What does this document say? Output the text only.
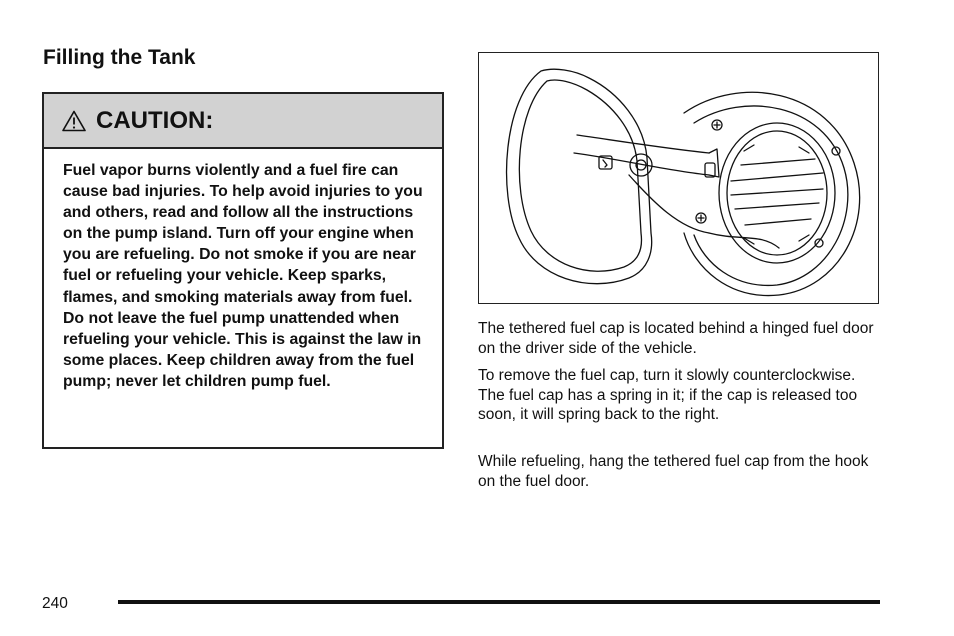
Filling the Tank
CAUTION:

Fuel vapor burns violently and a fuel fire can cause bad injuries. To help avoid injuries to you and others, read and follow all the instructions on the pump island. Turn off your engine when you are refueling. Do not smoke if you are near fuel or refueling your vehicle. Keep sparks, flames, and smoking materials away from fuel. Do not leave the fuel pump unattended when refueling your vehicle. This is against the law in some places. Keep children away from the fuel pump; never let children pump fuel.

The tethered fuel cap is located behind a hinged fuel door on the driver side of the vehicle.

To remove the fuel cap, turn it slowly counterclockwise. The fuel cap has a spring in it; if the cap is released too soon, it will spring back to the right.

While refueling, hang the tethered fuel cap from the hook on the fuel door.

240
